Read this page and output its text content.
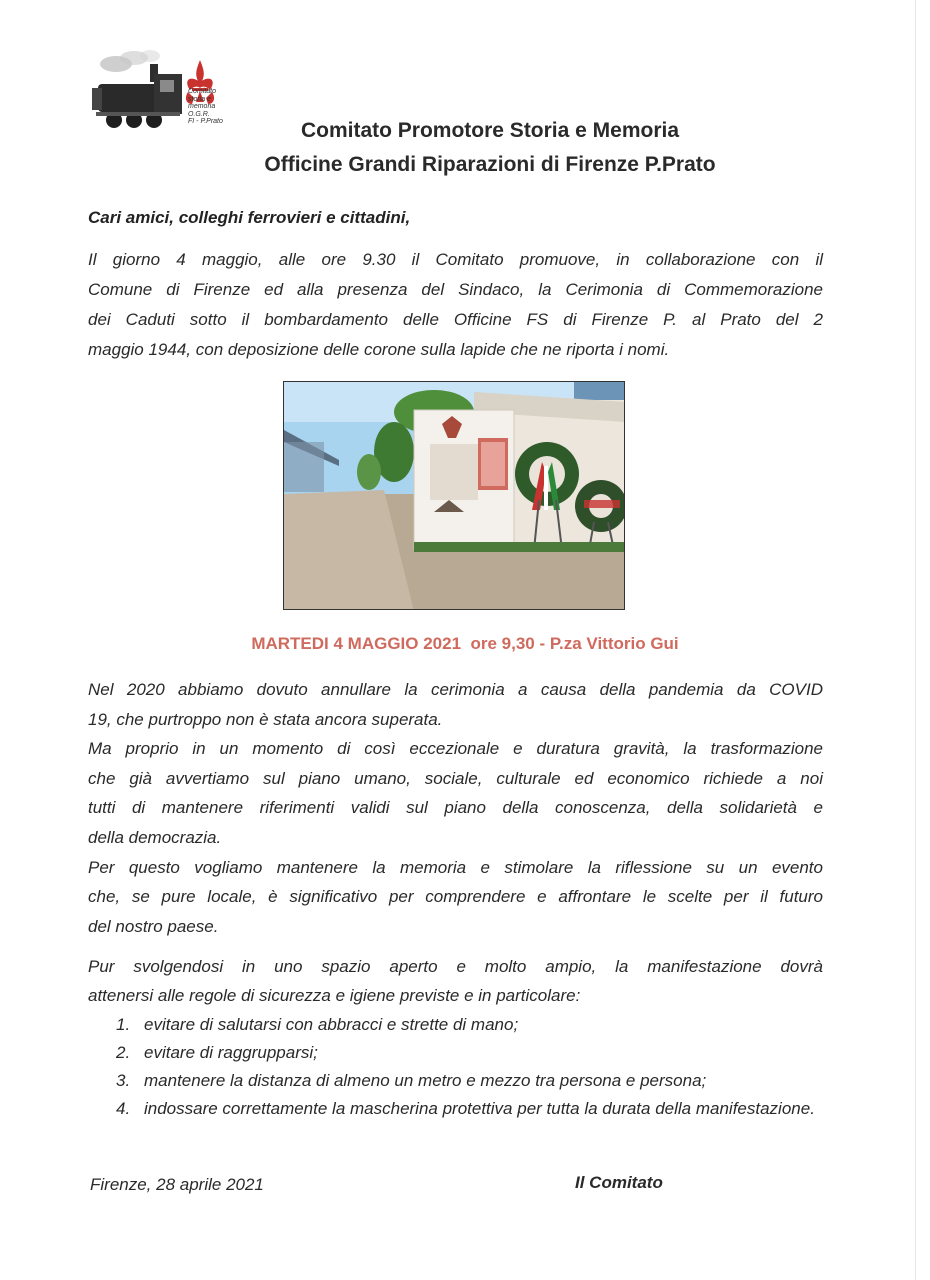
Comitato
storia e
memoria
O.G.R.
FI - P.Prato	Comitato Promotore Storia e Memoria
Officine Grandi Riparazioni di Firenze P.Prato
Cari amici, colleghi ferrovieri e cittadini,
Il giorno 4 maggio, alle ore 9.30 il Comitato promuove, in collaborazione con il
Comune di Firenze ed alla presenza del Sindaco, la Cerimonia di Commemorazione
dei Caduti sotto il bombardamento delle Officine FS di Firenze P. al Prato del 2
maggio 1944, con deposizione delle corone sulla lapide che ne riporta i nomi.
MARTEDI 4 MAGGIO 2021  ore 9,30 - P.za Vittorio Gui
Nel 2020 abbiamo dovuto annullare la cerimonia a causa della pandemia da COVID
19, che purtroppo non è stata ancora superata.
Ma proprio in un momento di così eccezionale e duratura gravità, la trasformazione
che già avvertiamo sul piano umano, sociale, culturale ed economico richiede a noi
tutti di mantenere riferimenti validi sul piano della conoscenza, della solidarietà e
della democrazia.
Per questo vogliamo mantenere la memoria e stimolare la riflessione su un evento
che, se pure locale, è significativo per comprendere e affrontare le scelte per il futuro
del nostro paese.
Pur svolgendosi in uno spazio aperto e molto ampio, la manifestazione dovrà
attenersi alle regole di sicurezza e igiene previste e in particolare:
1. evitare di salutarsi con abbracci e strette di mano;
2. evitare di raggrupparsi;
3. mantenere la distanza di almeno un metro e mezzo tra persona e persona;
4. indossare correttamente la mascherina protettiva per tutta la durata della manifestazione.
Firenze, 28 aprile 2021	Il Comitato
